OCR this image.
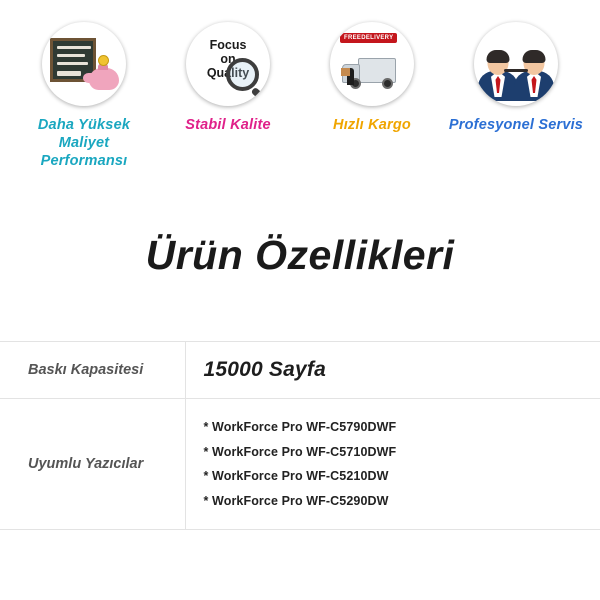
Daha Yüksek Maliyet Performansı
Focus
on
Quality
Stabil Kalite
FREEDELIVERY
Hızlı Kargo	Profesyonel Servis
Ürün Özellikleri
Baskı Kapasitesi	15000 Sayfa
Uyumlu Yazıcılar	
* WorkForce Pro WF-C5790DWF
* WorkForce Pro WF-C5710DWF
* WorkForce Pro WF-C5210DW
* WorkForce Pro WF-C5290DW
